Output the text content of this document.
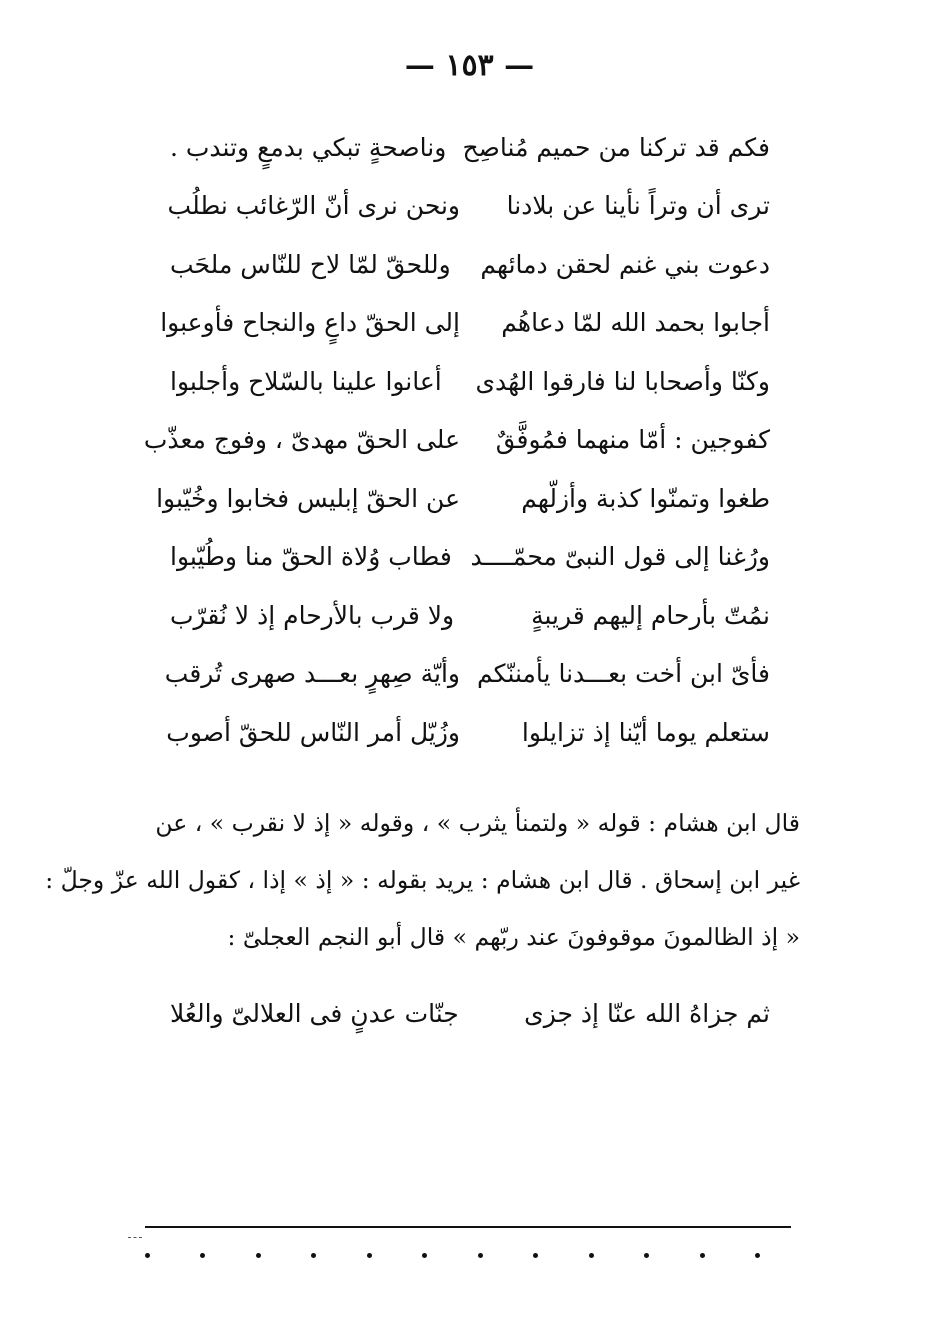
— ١٥٣ —
فكم قد تركنا من حميم مُناصِح
وناصحةٍ تبكي بدمعٍ وتندب .
ترى أن وتراً نأينا عن بلادنا
ونحن نرى أنّ الرّغائب نطلُب
دعوت بني غنم لحقن دمائهم
وللحقّ لمّا لاح للنّاس ملحَب
أجابوا بحمد الله لمّا دعاهُم
إلى الحقّ داعٍ والنجاح فأوعبوا
وكنّا وأصحابا لنا فارقوا الهُدى
أعانوا علينا بالسّلاح وأجلبوا
كفوجين : أمّا منهما فمُوفَّقٌ
على الحقّ مهدىّ ، وفوج معذّب
طغوا وتمنّوا كذبة وأزلّهم
عن الحقّ إبليس فخابوا وخُيّبوا
ورُغنا إلى قول النبىّ محمّــــد
فطاب وُلاة الحقّ منا وطُيّبوا
نمُتّ بأرحام إليهم قريبةٍ
ولا قرب بالأرحام إذ لا نُقرّب
فأىّ ابن أخت بعـــدنا يأمننّكم
وأيّة صِهرٍ بعـــد صهرى تُرقب
ستعلم يوما أيّنا إذ تزايلوا
وزُيّل أمر النّاس للحقّ أصوب
قال ابن هشام : قوله « ولتمنأ يثرب » ، وقوله « إذ لا نقرب » ، عن
غير ابن إسحاق . قال ابن هشام : يريد بقوله : « إذ » إذا ، كقول الله عزّ وجلّ :
« إذ الظالمونَ موقوفونَ عند ربّهم » قال أبو النجم العجلىّ :
ثم جزاهُ الله عنّا إذ جزى
جنّات عدنٍ فى العلالىّ والعُلا
